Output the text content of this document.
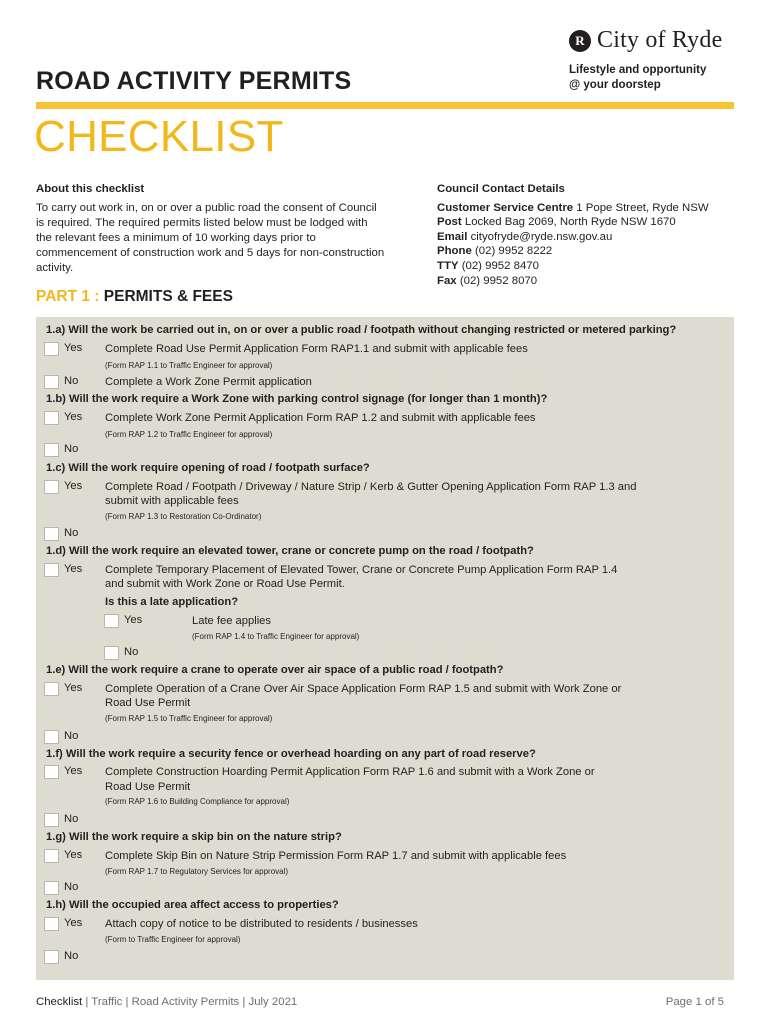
R City of Ryde
Lifestyle and opportunity
@ your doorstep
ROAD ACTIVITY PERMITS
CHECKLIST
About this checklist

To carry out work in, on or over a public road the consent of Council is required. The required permits listed below must be lodged with the relevant fees a minimum of 10 working days prior to commencement of construction work and 5 days for non-construction activity.

Council Contact Details
Customer Service Centre 1 Pope Street, Ryde NSW
Post Locked Bag 2069, North Ryde NSW 1670
Email cityofryde@ryde.nsw.gov.au
Phone (02) 9952 8222
TTY (02) 9952 8470
Fax (02) 9952 8070
PART 1 : PERMITS & FEES
1.a) Will the work be carried out in, on or over a public road / footpath without changing restricted or metered parking?
Yes	Complete Road Use Permit Application Form RAP1.1 and submit with applicable fees
(Form RAP 1.1 to Traffic Engineer for approval)
No	Complete a Work Zone Permit application
1.b) Will the work require a Work Zone with parking control signage (for longer than 1 month)?
Yes	Complete Work Zone Permit Application Form RAP 1.2 and submit with applicable fees
(Form RAP 1.2 to Traffic Engineer for approval)
No
1.c) Will the work require opening of road / footpath surface?
Yes	Complete Road / Footpath / Driveway / Nature Strip / Kerb & Gutter Opening Application Form RAP 1.3 and
submit with applicable fees
(Form RAP 1.3 to Restoration Co-Ordinator)
No
1.d) Will the work require an elevated tower, crane or concrete pump on the road / footpath?
Yes	Complete Temporary Placement of Elevated Tower, Crane or Concrete Pump Application Form RAP 1.4
and submit with Work Zone or Road Use Permit.
Is this a late application?
Yes	Late fee applies
(Form RAP 1.4 to Traffic Engineer for approval)
No
1.e) Will the work require a crane to operate over air space of a public road / footpath?
Yes	Complete Operation of a Crane Over Air Space Application Form RAP 1.5 and submit with Work Zone or
Road Use Permit
(Form RAP 1.5 to Traffic Engineer for approval)
No
1.f) Will the work require a security fence or overhead hoarding on any part of road reserve?
Yes	Complete Construction Hoarding Permit Application Form RAP 1.6 and submit with a Work Zone or
Road Use Permit
(Form RAP 1.6 to Building Compliance for approval)
No
1.g) Will the work require a skip bin on the nature strip?
Yes	Complete Skip Bin on Nature Strip Permission Form RAP 1.7 and submit with applicable fees
(Form RAP 1.7 to Regulatory Services for approval)
No
1.h) Will the occupied area affect access to properties?
Yes	Attach copy of notice to be distributed to residents / businesses
(Form to Traffic Engineer for approval)
No
Checklist | Traffic | Road Activity Permits | July 2021	Page 1 of 5
